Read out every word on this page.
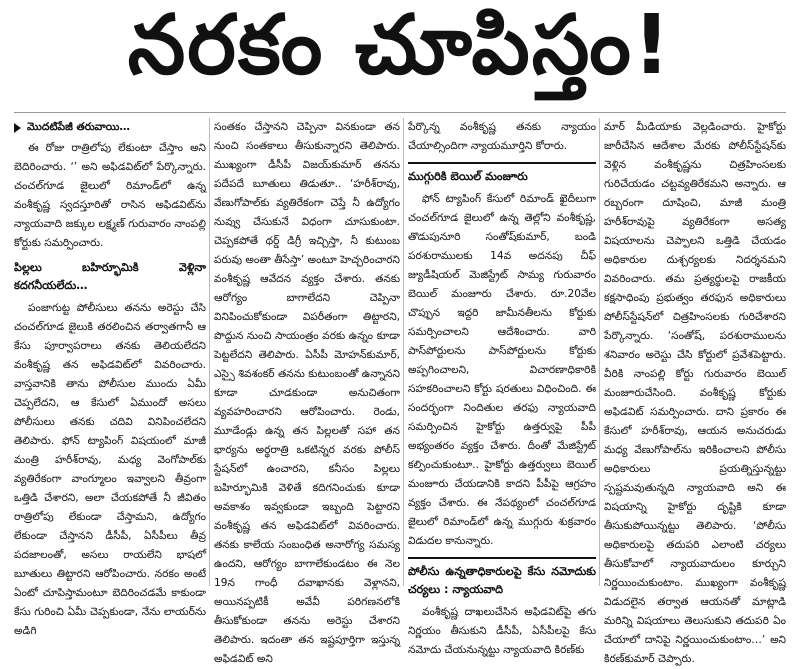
నరకం చూపిస్తం!
మొదటిపేజీ తరువాయి…

ఈ రోజు రాత్రిలోపు లేకుంటా చేస్తాం అని బెదిరించారు. ‘’ అని అఫిడవిట్‌లో పేర్కొన్నారు. చంచల్‌గూడ జైలులో రిమాండ్‌లో ఉన్న వంశీకృష్ణ స్వదస్తూరితో రాసిన అఫిడవిట్‌ను న్యాయవాది జక్కుల లక్ష్మణ్‌ గురువారం నాంపల్లి కోర్టుకు సమర్పించారు.

పిల్లలు బహిర్భూమికి వెళ్లినా కదగనీయలేదు…

పంజాగుట్ట పోలీసులు తనను అరెస్టు చేసి చంచల్‌గూడ జైలుకి తరలించిన తర్వాతగానీ ఆ కేసు పూర్వాపరాలు తనకు తెలియలేదని వంశీకృష్ణ తన అఫిడవిట్‌లో వివరించారు. వాస్తవానికి తాను పోలీసుల ముందు ఏమీ చెప్పలేదని, ఆ కేసులో ఏముందో అసలు పోలీసులు తనకు చదివి వినిపించలేదని తెలిపారు. ఫోన్‌ ట్యాపింగ్‌ విషయంలో మాజీ మంత్రి హరీశ్‌రావు, మధ్య వెంగోపాల్‌కు వ్యతిరేకంగా వాంగ్మూలం ఇవ్వాలని తీవ్రంగా ఒత్తిడి చేశారని, అలా చేయకపోతే నీ జీవితం రాత్రిలోపు లేకుండా చేస్తామని, ఉద్యోగం లేకుండా చేస్తానని డీసీపీ, ఏసీపీలు తీవ్ర పదజాలంతో, అసలు రాయలేని భాషలో బూతులు తిట్టారని ఆరోపించారు. నరకం అంటే ఏంటో చూపిస్తామంటూ బెదిరించడమే కాకుండా కేసు గురించి ఏమీ చెప్పకుండా, నేను లాయర్‌ను అడిగి

సంతకం చేస్తానని చెప్పినా వినకుండా తన నుంచి సంతకాలు తీసుకున్నారని తెలిపారు. ముఖ్యంగా డీసీపీ విజయ్‌కుమార్‌ తనను పదేపదే బూతులు తిడుతూ.. ‘హరీశ్‌రావు, వేణుగోపాల్‌కు వ్యతిరేకంగా చెప్తే నీ ఉద్యోగం నువ్వు చేసుకునే విధంగా చూసుకుంటా. చెప్పకపోతే థర్డ్‌ డిగ్రీ ఇచ్చిస్తా, నీ కుటుంబ పరువు అంతా తీసేస్తా’ అంటూ హెచ్చరించారని వంశీకృష్ణ ఆవేదన వ్యక్తం చేశారు. తనకు ఆరోగ్యం బాగాలేదని చెప్పినా వినిపించుకోకుండా విపరీతంగా తిట్టారని, పొద్దున నుంచి సాయంత్రం వరకు ఉన్నం కూడా పెట్టలేదని తెలిపారు. ఏసీపీ మోహన్‌కుమార్‌, ఎస్సై శివశంకర్‌ తనను కుటుంబంతో ఉన్నానని కూడా చూడకుండా అనుచితంగా వ్యవహరించారని ఆరోపించారు. రెండు, మూడేండ్లు ఉన్న తన పిల్లలతో సహా తన భార్యను అర్థరాత్రి ఒకటిన్నర వరకు పోలీస్‌ స్టేషన్‌లో ఉంచారని, కనీసం పిల్లలు బహిర్భూమికి వెళితే కదిగనించుకు కూడా అవకాశం ఇవ్వకుండా ఇబ్బంది పెట్టారని వంశీకృష్ణ తన అఫిడవిట్‌లో వివరించారు. తనకు కాలేయ సంబంధిత అనారోగ్య సమస్య ఉందని, ఆరోగ్యం బాగాలేకుండటం ఈ నెల 19న గాంధీ దవాఖానకు వెళ్లానని, అయినప్పటికీ అవేవీ పరిగణనలోకి తీసుకోకుండా తనను అరెస్టు చేశారని తెలిపారు. ఇదంతా తన ఇష్టపూర్తిగా ఇస్తున్న అఫిడవిట్‌ అని

పేర్కొన్న వంశీకృష్ణ తనకు న్యాయం చేయాల్సిందిగా న్యాయమూర్తిని కోరారు.

ముగ్గురికి బెయిల్‌ మంజూరు

ఫోన్‌ ట్యాపింగ్‌ కేసులో రిమాండ్‌ ఖైదీలుగా చంచల్‌గూడ జైలులో ఉన్న తెల్లోని వంశీకృష్ణ, తొడుపునూరి సంతోష్‌కుమార్‌, బండి పరశురాములకు 14వ అదనపు చీఫ్‌ జ్యుడీషియల్‌ మెజిస్ట్రేట్‌ సామ్య గురువారం బెయిల్‌ మంజూరు చేశారు. రూ.20వేల చొప్పున ఇద్దరి జామీనతీలను కోర్టుకు సమర్పించాలని ఆదేశించారు. వారి పాస్‌పోర్టులను పాస్‌పోర్టులను కోర్టుకు అప్పగించాలని, విచారణాధికారికి సహకరించాలని కోర్టు షరతులు విధించింది. ఈ సందర్భంగా నిందితుల తరఫు న్యాయవాది సమర్పించిన హైకోర్టు ఉత్తర్వుపై పీపీ అభ్యంతరం వ్యక్తం చేశారు. దీంతో మేజిస్ట్రేట్‌ కల్పించుకుంటూ.. హైకోర్టు ఉత్తర్వులు బెయిల్‌ మంజూరు చేయడానికి కాదని పీపీపై ఆగ్రహం వ్యక్తం చేశారు. ఈ నేపథ్యంలో చంచల్‌గూడ జైలులో రిమాండ్‌లో ఉన్న ముగ్గురు శుక్రవారం విడుదల కానున్నారు.

పోలీసు ఉన్నతాధికారులపై కేసు నమోదుకు చర్యలు : న్యాయవాది

వంశీకృష్ణ దాఖలుచేసిన అఫిడవిట్‌పై తగు నిర్ణయం తీసుకుని డీసీపీ, ఏసీపీలపై కేసు నమోదు చేయనున్నట్టు న్యాయవాది కిరణ్‌కు

మార్‌ మీడియాకు వెల్లడించారు. హైకోర్టు జారీచేసిన ఆదేశాల మేరకు పోలీస్‌స్టేషన్‌కు వెళ్లిన వంశీకృష్ణను చిత్రహింసలకు గురిచేయడం చట్టవ్యతిరేకమని అన్నారు. ఆ రబ్బరంగా దూషించి, మాజీ మంత్రి హరీశ్‌రావుపై వ్యతిరేకంగా అసత్య విషయాలను చెప్పాలని ఒత్తిడి చేయడం అధికారుల దుశ్చర్యలకు నిదర్శనమని వివరించారు. తమ ప్రత్యర్థులపై రాజకీయ కక్షసాధింపు ప్రభుత్వం తరఫున అధికారులు పోలీస్‌స్టేషన్‌లో చిత్రహింసలకు గురిచేశారని పేర్కొన్నారు. ‘సంతోష్‌, పరశురాములను శనివారం అరెస్టు చేసి కోర్టులో ప్రవేశపెట్టారు. వీరికి నాంపల్లి కోర్టు గురువారం బెయిల్‌ మంజూరుచేసింది. వంశీకృష్ణ కోర్టుకు అఫిడవిట్‌ సమర్పించారు. దాని ప్రకారం ఈ కేసులో హరీశ్‌రావు, ఆయన అనుచరుడు మధ్య వేణుగోపాల్‌ను ఇరికించాలని పోలీసు అధికారులు ప్రయత్నిస్తున్నట్టు స్పష్టమవుతున్నది న్యాయవాది అని ఈ విషయాన్ని హైకోర్టు దృష్టికి కూడా తీసుకుపోయిన్నట్టు తెలిపారు. ‘పోలీసు అధికారులపై తదుపరి ఎలాంటి చర్యలు తీసుకోవాలో న్యాయవాదులం కూర్చుని నిర్ణయించుకుంటాం. ముఖ్యంగా వంశీకృష్ణ విడుదలైన తర్వాత ఆయనతో మాట్లాడి మరిన్ని విషయాలు తెలుసుకుని తదుపరి ఏం చేయాలో దానిపై నిర్ణయించుకుంటాం…’ అని కిరణ్‌కుమార్‌ చెప్పారు.
